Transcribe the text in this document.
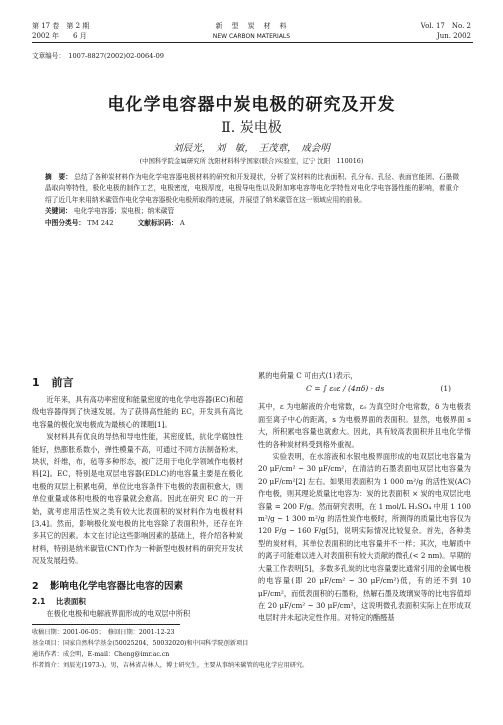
第 17 卷　第 2 期
2002 年　　6 月
新　型　炭　材　料
NEW CARBON MATERIALS
Vol. 17　No. 2
Jun. 2002
文章编号：　1007-8827(2002)02-0064-09
电化学电容器中炭电极的研究及开发
Ⅱ. 炭电极
刘辰光，　刘　敏，　王茂章，　成会明
(中国科学院金属研究所 沈阳材料科学国家(联合)实验室，辽宁 沈阳　110016)

摘　要： 总结了各种炭材料作为电化学电容器电极材料的研究和开发现状，分析了炭材料的比表面积、孔分布、孔径、表面官能团、石墨微晶取向等特性，极化电极的制作工艺，电极密度，电极厚度，电极导电性以及附加寒电容等电化学特性对电化学电容器性能的影响，着重介绍了近几年来用纳米碳管作电化学电容器极化电极所取得的进展，并展望了纳米碳管在这一领域应用的前景。

关键词： 电化学电容器；炭电极；纳米碳管

中图分类号： TM 242	文献标识码： A

1 前言

近年来，具有高功率密度和能量密度的电化学电容器(EC)和超级电容器得到了快速发展。为了获得高性能的 EC，开发具有高比电容量的极化炭电极成为最核心的课题[1]。

炭材料具有优良的导热和导电性能，其密度低，抗化学腐蚀性能好，热膨胀系数小，弹性模量不高，可通过不同方法制备粉末，块状，纤维，布，毡等多种形态，被广泛用于电化学领域作电极材料[2]。EC，特别是电双层电容器(EDLC)的电容量主要是在极化电极的双层上积累电荷，单位比电容条件下电极的表面积愈大，则单位重量或体积电极的电容量就会愈高。因此在研究 EC 的一开始，就考虑用活性炭之类有较大比表面积的炭材料作为电极材料[3,4]。然而，影响极化炭电极的比电容除了表面积外，还存在许多其它的因素。本文在讨论这些影响因素的基础上，将介绍各种炭材料，特别是纳米碳管(CNT)作为一种新型电极材料的研究开发状况及发展趋势。

2 影响电化学电容器比电容的因素
2.1 比表面积

在极化电极和电解液界面形成的电双层中所积

累的电荷量 C 可由式(1)表示，

C = ∫ ε₀ε / (4πδ) · ds	(1)

其中，ε 为电解液的介电常数，ε₀ 为真空时介电常数，δ 为电极表面至离子中心的距离，s 为电极界面的表面积。显然，电极界面 s 大，所积累电容量也就愈大。因此，具有较高表面积并且电化学惰性的各种炭材料受到格外重视。

实验表明，在水溶液和水银电极界面形成的电双层比电容量为 20 μF/cm² ~ 30 μF/cm²，在清洁的石墨表面电双层比电容量为 20 μF/cm²[2] 左右。如果用表面积为 1 000 m²/g 的活性炭(AC)作电极，则其理论质量比电容为：炭的比表面积 × 炭的电双层比电容量 = 200 F/g。然而研究表明，在 1 mol/L H₂SO₄ 中用 1 100 m²/g ~ 1 300 m²/g 的活性炭作电极时，所测得的质量比电容仅为 120 F/g ~ 160 F/g[5]，说明实际情况比较复杂。首先，各种类型的炭材料，其单位表面积的比电容量并不一样；其次，电解质中的离子可能难以进入对表面积有较大贡献的微孔(< 2 nm)。早期的大量工作表明[5]，多数多孔炭的比电容量要比通常引用的金属电极的电容量(即 20 μF/cm² ~ 30 μF/cm²)低，有的还不到 10 μF/cm²，而低表面积的石墨粉，热解石墨及玻璃炭等的比电容值却在 20 μF/cm² ~ 30 μF/cm²，这说明微孔表面积实际上在形成双电层时并未起决定性作用。对特定的酯醛基

收稿日期：2001-06-05；　修回日期：2001-12-23
基金项目：国家自然科学基金(50025204，50032020)和中国科学院创新项目
通讯作者：成会明，E-mail：Cheng@imr.ac.cn
作者简介：刘辰光(1973-)，男，吉林省吉林人，博士研究生，主要从事纳米碳管的电化学应用研究。
